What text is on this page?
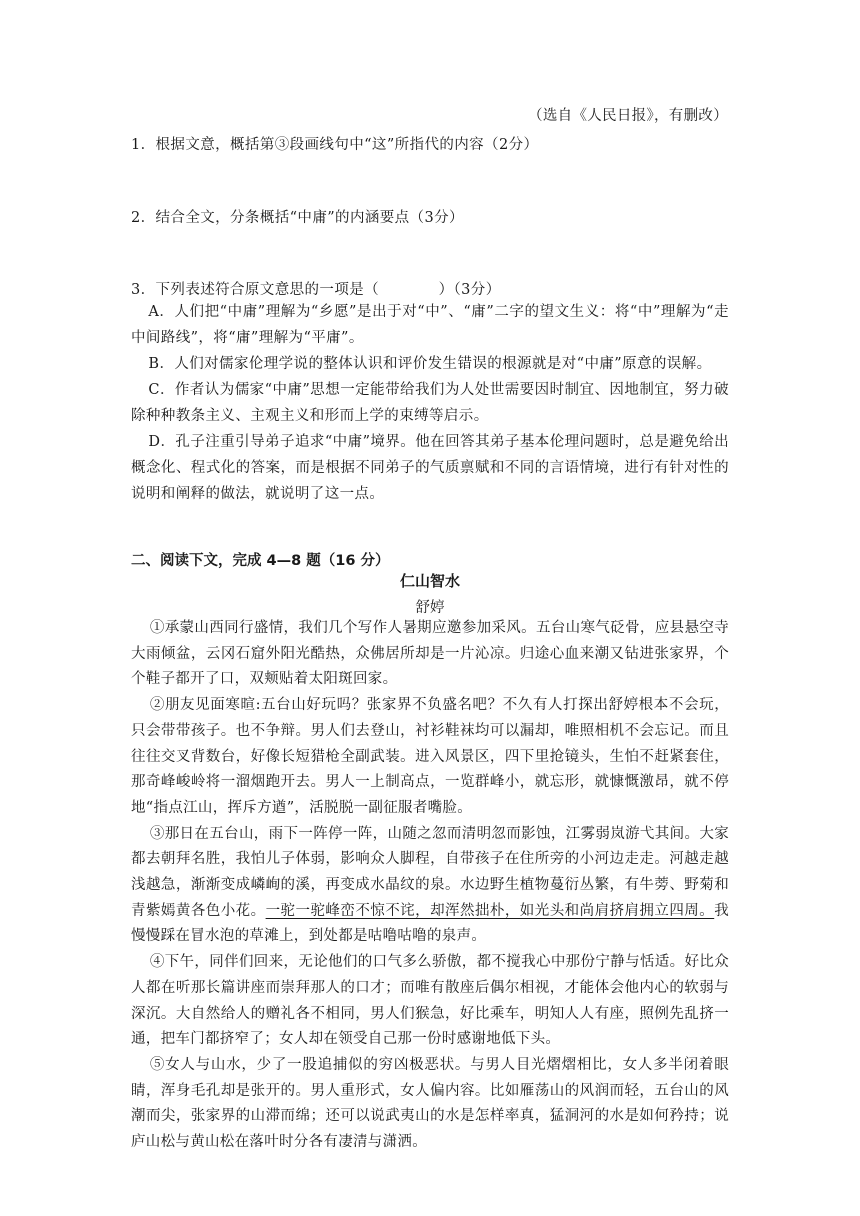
（选自《人民日报》，有删改）
1．根据文意，概括第③段画线句中“这”所指代的内容（2分）
2．结合全文，分条概括“中庸”的内涵要点（3分）
3．下列表述符合原文意思的一项是（　　　　）（3分）

A．人们把“中庸”理解为“乡愿”是出于对“中”、“庸”二字的望文生义：将“中”理解为“走中间路线”，将“庸”理解为“平庸”。

B．人们对儒家伦理学说的整体认识和评价发生错误的根源就是对“中庸”原意的误解。

C．作者认为儒家“中庸”思想一定能带给我们为人处世需要因时制宜、因地制宜，努力破除种种教条主义、主观主义和形而上学的束缚等启示。

D．孔子注重引导弟子追求“中庸”境界。他在回答其弟子基本伦理问题时，总是避免给出概念化、程式化的答案，而是根据不同弟子的气质禀赋和不同的言语情境，进行有针对性的说明和阐释的做法，就说明了这一点。

二、阅读下文，完成 4—8 题（16 分）
仁山智水
舒婷

①承蒙山西同行盛情，我们几个写作人暑期应邀参加采风。五台山寒气砭骨，应县悬空寺大雨倾盆，云冈石窟外阳光酷热，众佛居所却是一片沁凉。归途心血来潮又钻进张家界，个个鞋子都开了口，双颊贴着太阳斑回家。

②朋友见面寒暄:五台山好玩吗？张家界不负盛名吧？不久有人打探出舒婷根本不会玩，只会带带孩子。也不争辩。男人们去登山，衬衫鞋袜均可以漏却，唯照相机不会忘记。而且往往交叉背数台，好像长短猎枪全副武装。进入风景区，四下里抢镜头，生怕不赶紧套住，那奇峰峻岭将一溜烟跑开去。男人一上制高点，一览群峰小，就忘形，就慷慨激昂，就不停地“指点江山，挥斥方遒”，活脱脱一副征服者嘴脸。

③那日在五台山，雨下一阵停一阵，山随之忽而清明忽而影蚀，江雾弱岚游弋其间。大家都去朝拜名胜，我怕儿子体弱，影响众人脚程，自带孩子在住所旁的小河边走走。河越走越浅越急，渐渐变成嶙峋的溪，再变成水晶纹的泉。水边野生植物蔓衍丛繁，有牛蒡、野菊和青紫嫣黄各色小花。一驼一驼峰峦不惊不诧，却浑然拙朴，如光头和尚肩挤肩拥立四周。我慢慢踩在冒水泡的草滩上，到处都是咕噜咕噜的泉声。

④下午，同伴们回来，无论他们的口气多么骄傲，都不搅我心中那份宁静与恬适。好比众人都在听那长篇讲座而崇拜那人的口才；而唯有散座后偶尔相视，才能体会他内心的软弱与深沉。大自然给人的赠礼各不相同，男人们猴急，好比乘车，明知人人有座，照例先乱挤一通，把车门都挤窄了；女人却在领受自己那一份时感谢地低下头。

⑤女人与山水，少了一股追捕似的穷凶极恶状。与男人目光熠熠相比，女人多半闭着眼睛，浑身毛孔却是张开的。男人重形式，女人偏内容。比如雁荡山的风润而轻，五台山的风潮而尖，张家界的山滞而绵；还可以说武夷山的水是怎样率真，猛洞河的水是如何矜持；说庐山松与黄山松在落叶时分各有凄清与潇洒。
